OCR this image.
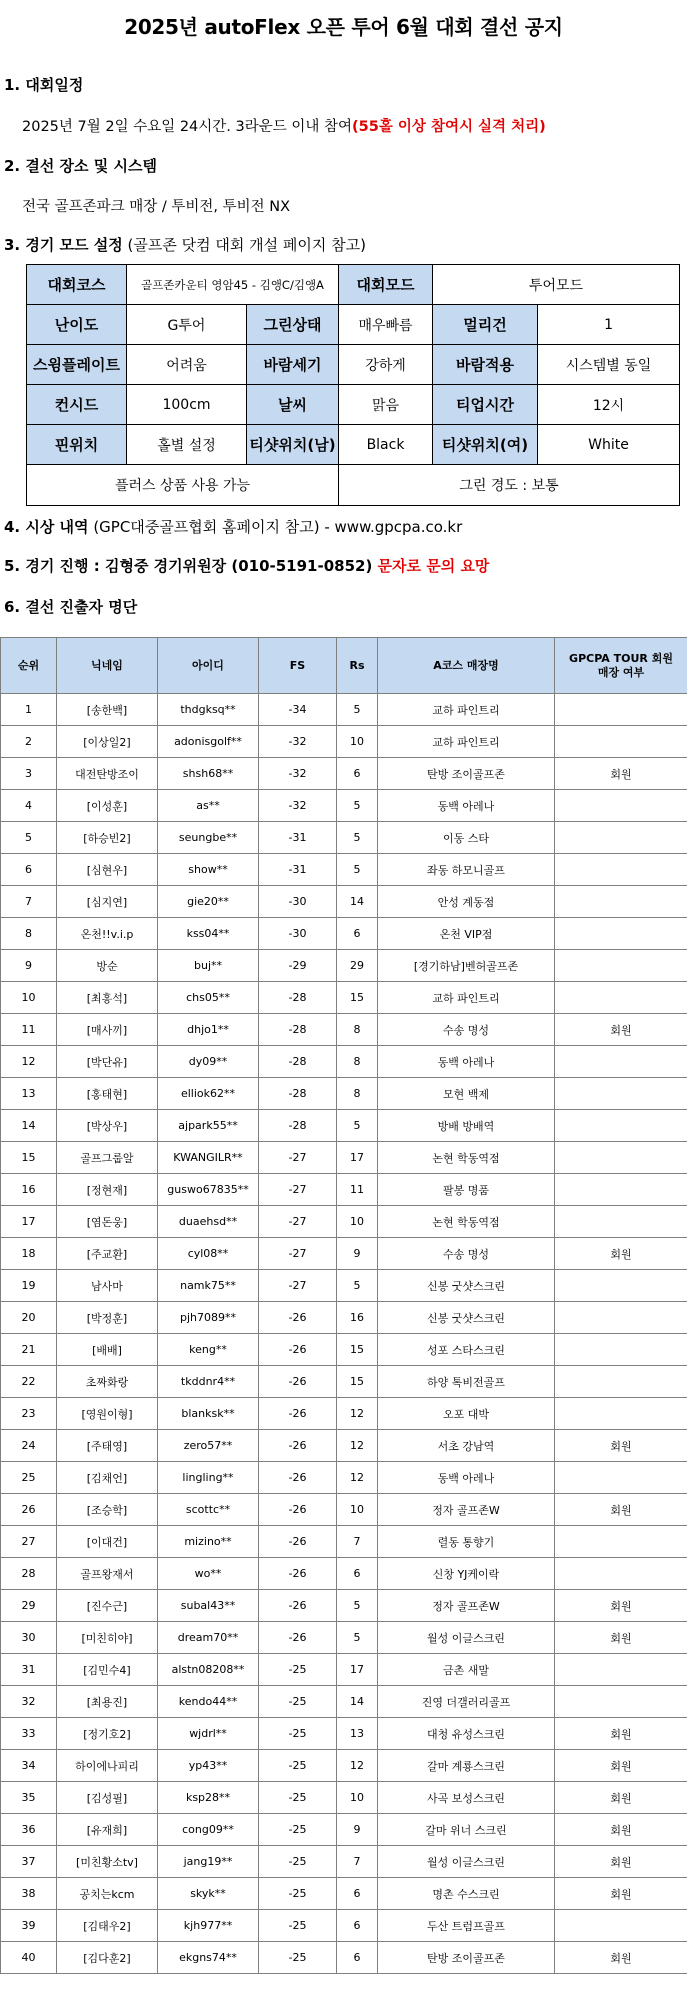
2025년 autoFlex 오픈 투어 6월 대회 결선 공지
1. 대회일정
2025년 7월 2일 수요일 24시간. 3라운드 이내 참여(55홀 이상 참여시 실격 처리)
2. 결선 장소 및 시스템
전국 골프존파크 매장 / 투비전, 투비전 NX
3. 경기 모드 설정 (골프존 닷컴 대회 개설 페이지 참고)
대회코스	골프존카운티 영암45 - 김앵C/김앵A		대회모드	투어모드	
난이도	G투어	그린상태	매우빠름	멀리건	1
스윙플레이트	어려움	바람세기	강하게	바람적용	시스템별 동일
컨시드	100cm	날씨	맑음	티업시간	12시
핀위치	홀별 설정	티샷위치(남)	Black	티샷위치(여)	White
플러스 상품 사용 가능			그린 경도 : 보통		
4. 시상 내역 (GPC대중골프협회 홈페이지 참고) - www.gpcpa.co.kr
5. 경기 진행 : 김형중 경기위원장 (010-5191-0852) 문자로 문의 요망
6. 결선 진출자 명단
순위	닉네임	아이디	FS	Rs	A코스 매장명	GPCPA TOUR 회원
매장 여부
1	[송한백]	thdgksq**	-34	5	교하 파인트리	
2	[이상일2]	adonisgolf**	-32	10	교하 파인트리	
3	대전탄방조이	shsh68**	-32	6	탄방 조이골프존	회원
4	[이성훈]	as**	-32	5	동백 아레나	
5	[하승빈2]	seungbe**	-31	5	이동 스타	
6	[심현우]	show**	-31	5	좌동 하모니골프	
7	[심지연]	gie20**	-30	14	안성 계동점	
8	온천!!v.i.p	kss04**	-30	6	온천 VIP점	
9	방순	buj**	-29	29	[경기하남]벤허골프존	
10	[최홍석]	chs05**	-28	15	교하 파인트리	
11	[매사끼]	dhjo1**	-28	8	수송 명성	회원
12	[박단유]	dy09**	-28	8	동백 아레나	
13	[홍태현]	elliok62**	-28	8	모현 백제	
14	[박상우]	ajpark55**	-28	5	방배 방배역	
15	골프그룹알	KWANGILR**	-27	17	논현 학동역점	
16	[정현재]	guswo67835**	-27	11	팔봉 명품	
17	[염돈웅]	duaehsd**	-27	10	논현 학동역점	
18	[주교환]	cyl08**	-27	9	수송 명성	회원
19	남사마	namk75**	-27	5	신봉 굿샷스크린	
20	[박정훈]	pjh7089**	-26	16	신봉 굿샷스크린	
21	[배배]	keng**	-26	15	성포 스타스크린	
22	초짜화랑	tkddnr4**	-26	15	하양 톡비전골프	
23	[영원이형]	blanksk**	-26	12	오포 대박	
24	[주태영]	zero57**	-26	12	서초 강남역	회원
25	[김채언]	lingling**	-26	12	동백 아레나	
26	[조승학]	scottc**	-26	10	정자 골프존W	회원
27	[이대건]	mizino**	-26	7	렬동 통향기	
28	골프왕재서	wo**	-26	6	신창 YJ케이락	
29	[진수근]	subal43**	-26	5	정자 골프존W	회원
30	[미친히야]	dream70**	-26	5	월성 이글스크린	회원
31	[김민수4]	alstn08208**	-25	17	금촌 새말	
32	[최용진]	kendo44**	-25	14	진영 더갤러리골프	
33	[정기호2]	wjdrl**	-25	13	대청 유성스크린	회원
34	하이에나피리	yp43**	-25	12	갈마 계룡스크린	회원
35	[김성필]	ksp28**	-25	10	사곡 보성스크린	회원
36	[유재희]	cong09**	-25	9	갈마 위너 스크린	회원
37	[미친황소tv]	jang19**	-25	7	월성 이글스크린	회원
38	공치는kcm	skyk**	-25	6	명촌 수스크린	회원
39	[김태우2]	kjh977**	-25	6	두산 트럼프골프	
40	[김다훈2]	ekgns74**	-25	6	탄방 조이골프존	회원
